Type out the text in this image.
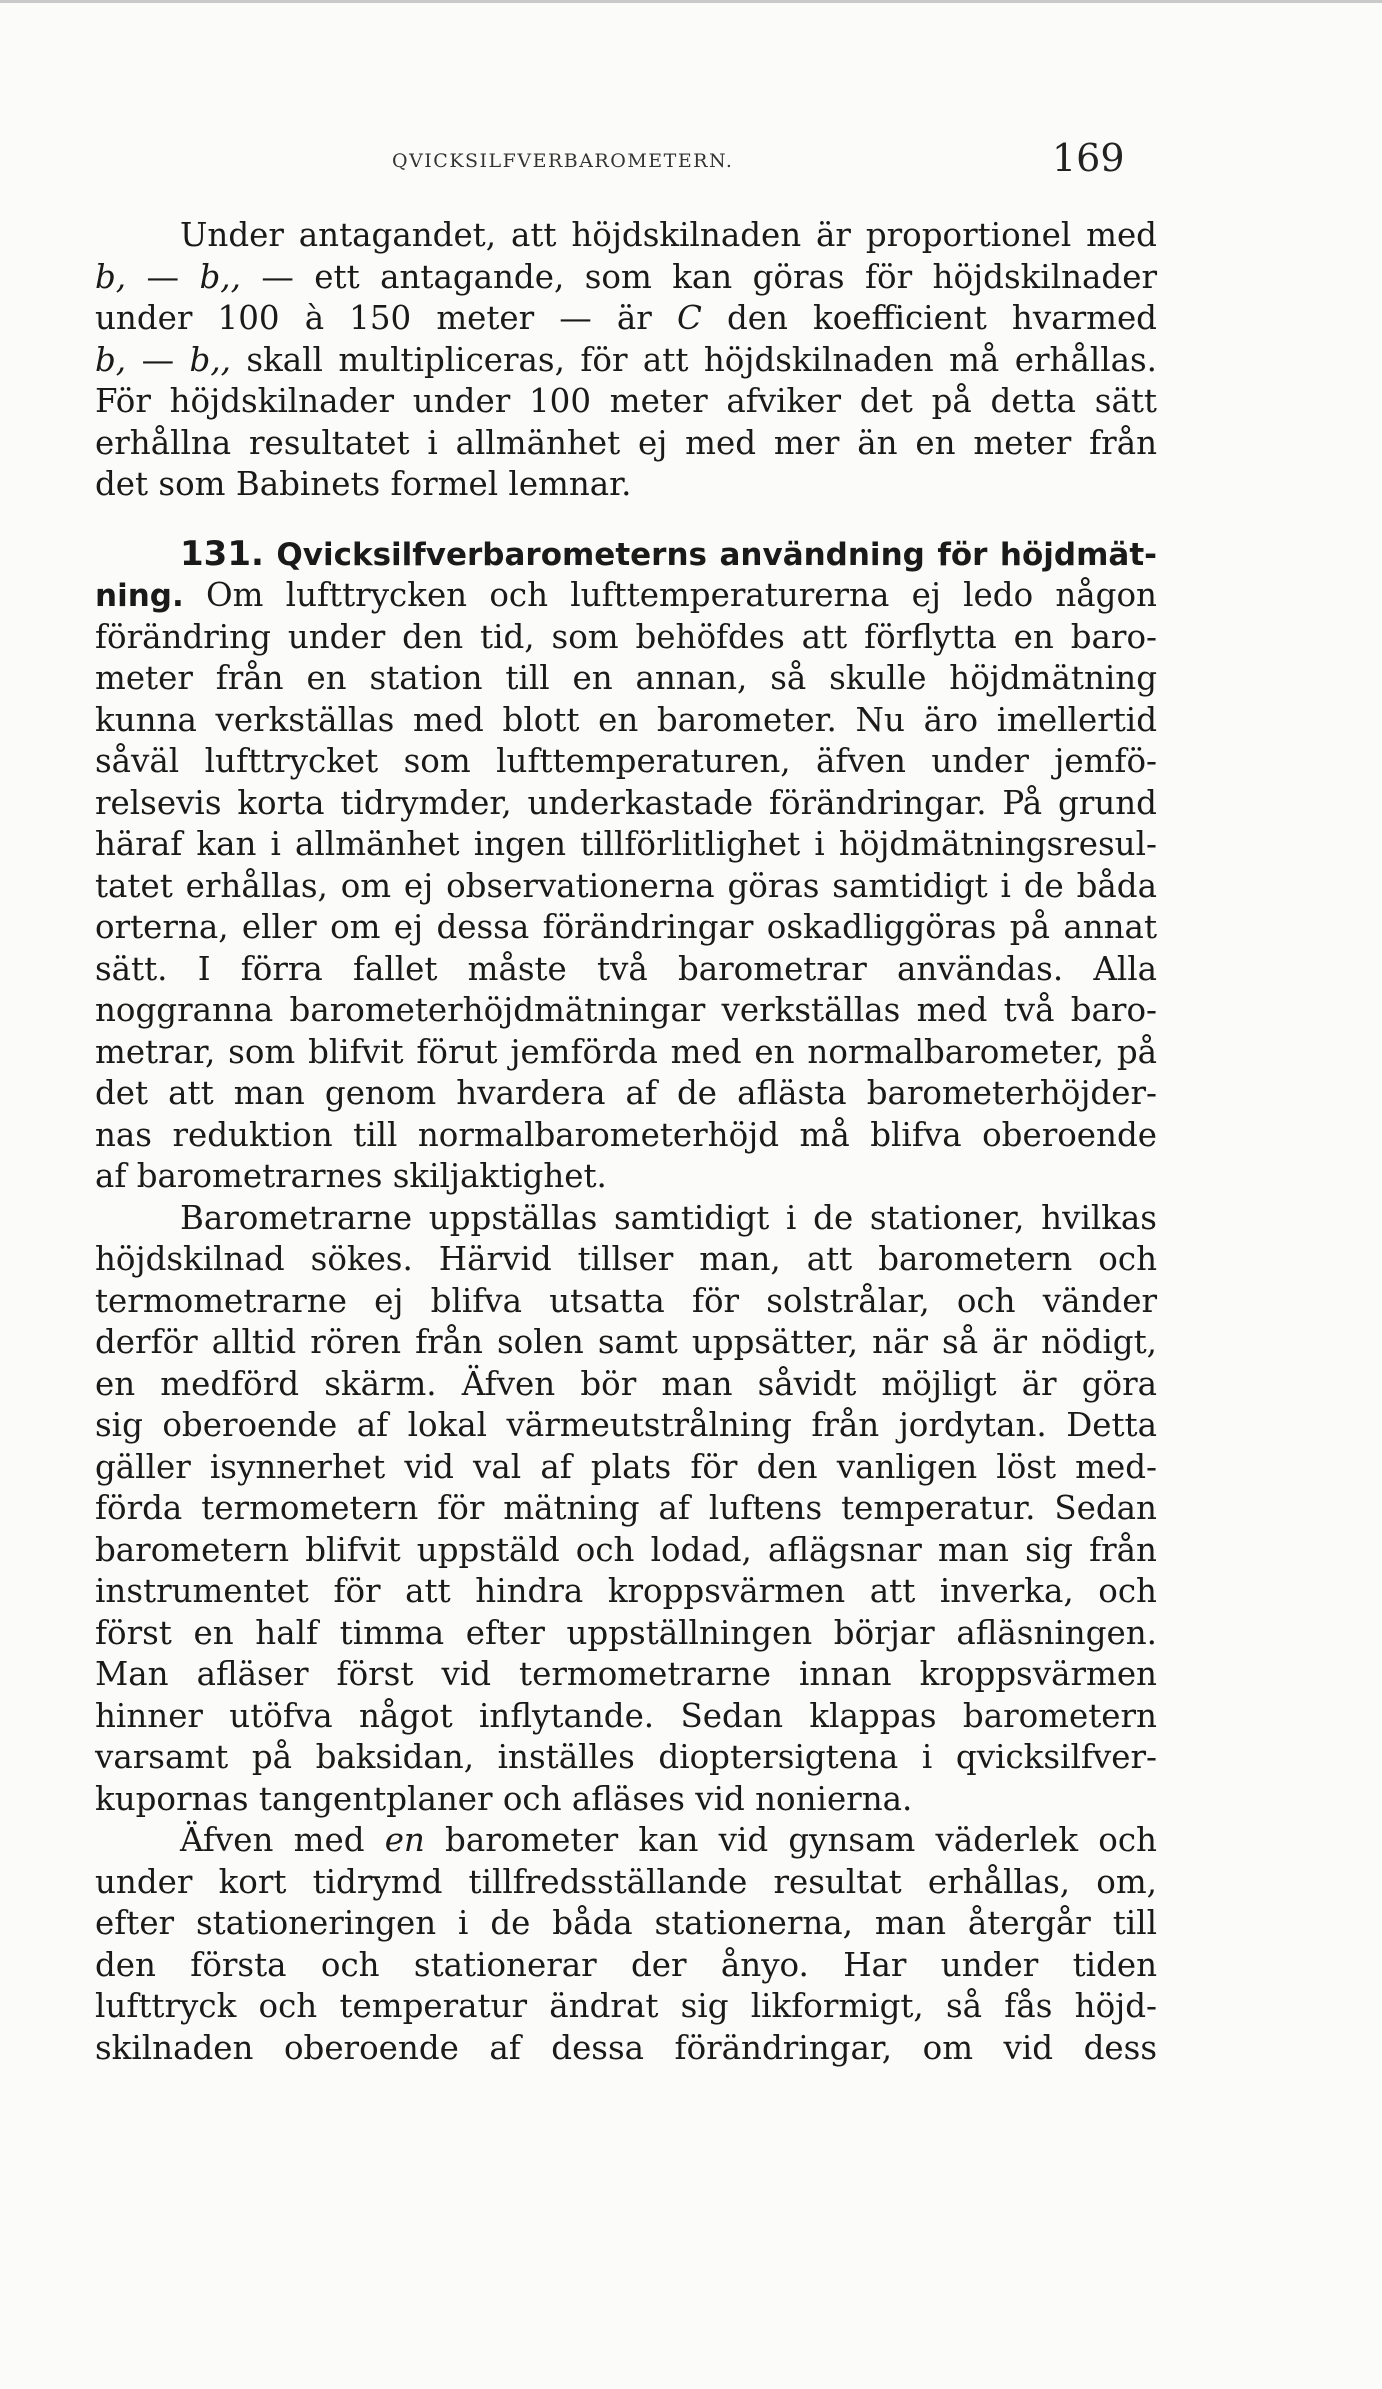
QVICKSILFVERBAROMETERN.	169
Under antagandet, att höjdskilnaden är proportionel med
b, — b,, — ett antagande, som kan göras för höjdskilnader
under 100 à 150 meter — är C den koefficient hvarmed
b, — b,, skall multipliceras, för att höjdskilnaden må erhållas.
För höjdskilnader under 100 meter afviker det på detta sätt
erhållna resultatet i allmänhet ej med mer än en meter från
det som Babinets formel lemnar.
131. Qvicksilfverbarometerns användning för höjdmät-
ning. Om lufttrycken och lufttemperaturerna ej ledo någon
förändring under den tid, som behöfdes att förflytta en baro-
meter från en station till en annan, så skulle höjdmätning
kunna verkställas med blott en barometer. Nu äro imellertid
såväl lufttrycket som lufttemperaturen, äfven under jemfö-
relsevis korta tidrymder, underkastade förändringar. På grund
häraf kan i allmänhet ingen tillförlitlighet i höjdmätningsresul-
tatet erhållas, om ej observationerna göras samtidigt i de båda
orterna, eller om ej dessa förändringar oskadliggöras på annat
sätt. I förra fallet måste två barometrar användas. Alla
noggranna barometerhöjdmätningar verkställas med två baro-
metrar, som blifvit förut jemförda med en normalbarometer, på
det att man genom hvardera af de aflästa barometerhöjder-
nas reduktion till normalbarometerhöjd må blifva oberoende
af barometrarnes skiljaktighet.
Barometrarne uppställas samtidigt i de stationer, hvilkas
höjdskilnad sökes. Härvid tillser man, att barometern och
termometrarne ej blifva utsatta för solstrålar, och vänder
derför alltid rören från solen samt uppsätter, när så är nödigt,
en medförd skärm. Äfven bör man såvidt möjligt är göra
sig oberoende af lokal värmeutstrålning från jordytan. Detta
gäller isynnerhet vid val af plats för den vanligen löst med-
förda termometern för mätning af luftens temperatur. Sedan
barometern blifvit uppstäld och lodad, aflägsnar man sig från
instrumentet för att hindra kroppsvärmen att inverka, och
först en half timma efter uppställningen börjar afläsningen.
Man afläser först vid termometrarne innan kroppsvärmen
hinner utöfva något inflytande. Sedan klappas barometern
varsamt på baksidan, inställes dioptersigtena i qvicksilfver-
kupornas tangentplaner och afläses vid nonierna.
Äfven med en barometer kan vid gynsam väderlek och
under kort tidrymd tillfredsställande resultat erhållas, om,
efter stationeringen i de båda stationerna, man återgår till
den första och stationerar der ånyo. Har under tiden
lufttryck och temperatur ändrat sig likformigt, så fås höjd-
skilnaden oberoende af dessa förändringar, om vid dess
